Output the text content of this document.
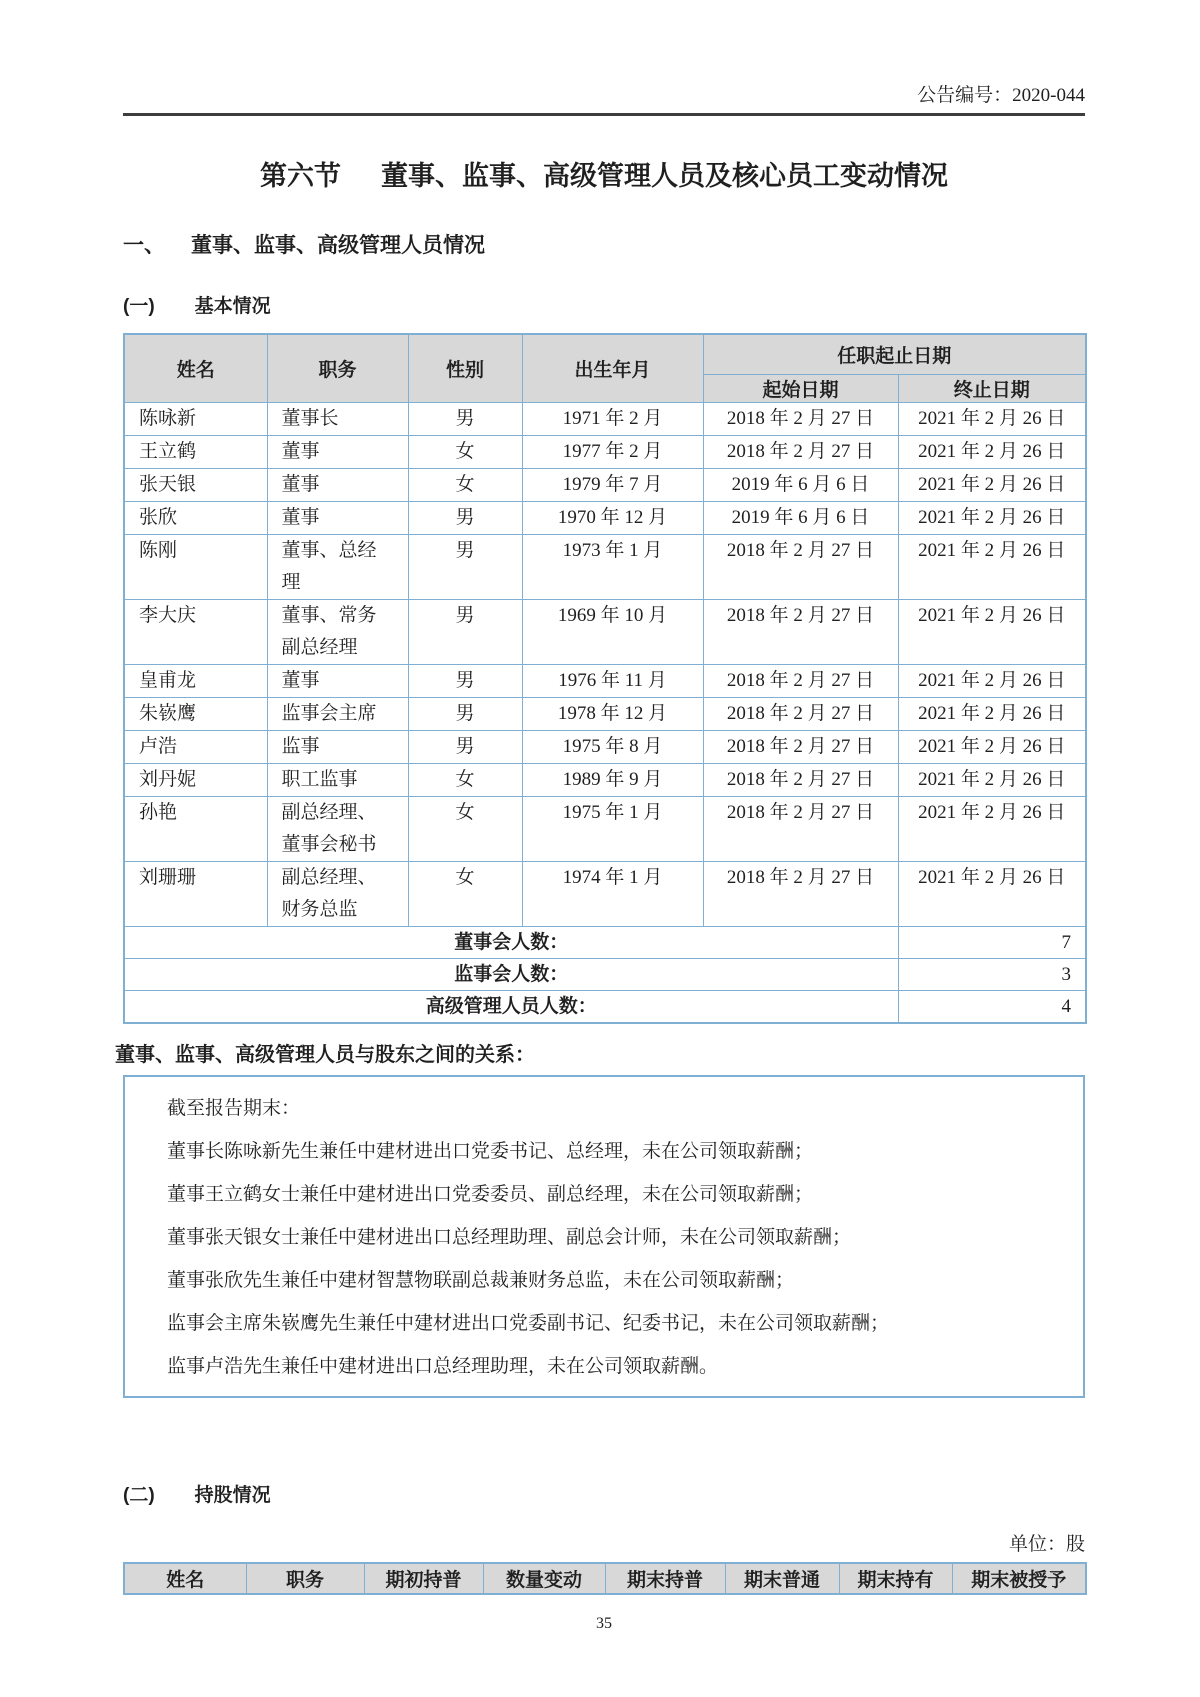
公告编号：2020-044
第六节 董事、监事、高级管理人员及核心员工变动情况
一、 董事、监事、高级管理人员情况
(一) 基本情况
姓名	职务	性别	出生年月	任职起止日期	
				起始日期	终止日期
陈咏新	董事长	男	1971 年 2 月	2018 年 2 月 27 日	2021 年 2 月 26 日
王立鹤	董事	女	1977 年 2 月	2018 年 2 月 27 日	2021 年 2 月 26 日
张天银	董事	女	1979 年 7 月	2019 年 6 月 6 日	2021 年 2 月 26 日
张欣	董事	男	1970 年 12 月	2019 年 6 月 6 日	2021 年 2 月 26 日
陈刚	董事、总经理	男	1973 年 1 月	2018 年 2 月 27 日	2021 年 2 月 26 日
李大庆	董事、常务副总经理	男	1969 年 10 月	2018 年 2 月 27 日	2021 年 2 月 26 日
皇甫龙	董事	男	1976 年 11 月	2018 年 2 月 27 日	2021 年 2 月 26 日
朱嵚鹰	监事会主席	男	1978 年 12 月	2018 年 2 月 27 日	2021 年 2 月 26 日
卢浩	监事	男	1975 年 8 月	2018 年 2 月 27 日	2021 年 2 月 26 日
刘丹妮	职工监事	女	1989 年 9 月	2018 年 2 月 27 日	2021 年 2 月 26 日
孙艳	副总经理、董事会秘书	女	1975 年 1 月	2018 年 2 月 27 日	2021 年 2 月 26 日
刘珊珊	副总经理、财务总监	女	1974 年 1 月	2018 年 2 月 27 日	2021 年 2 月 26 日
董事会人数：					7
监事会人数：					3
高级管理人员人数：					4
董事、监事、高级管理人员与股东之间的关系：

截至报告期末：

董事长陈咏新先生兼任中建材进出口党委书记、总经理，未在公司领取薪酬；

董事王立鹤女士兼任中建材进出口党委委员、副总经理，未在公司领取薪酬；

董事张天银女士兼任中建材进出口总经理助理、副总会计师，未在公司领取薪酬；

董事张欣先生兼任中建材智慧物联副总裁兼财务总监，未在公司领取薪酬；

监事会主席朱嵚鹰先生兼任中建材进出口党委副书记、纪委书记，未在公司领取薪酬；

监事卢浩先生兼任中建材进出口总经理助理，未在公司领取薪酬。

(二) 持股情况
单位：股
姓名	职务	期初持普	数量变动	期末持普	期末普通	期末持有	期末被授予
35
